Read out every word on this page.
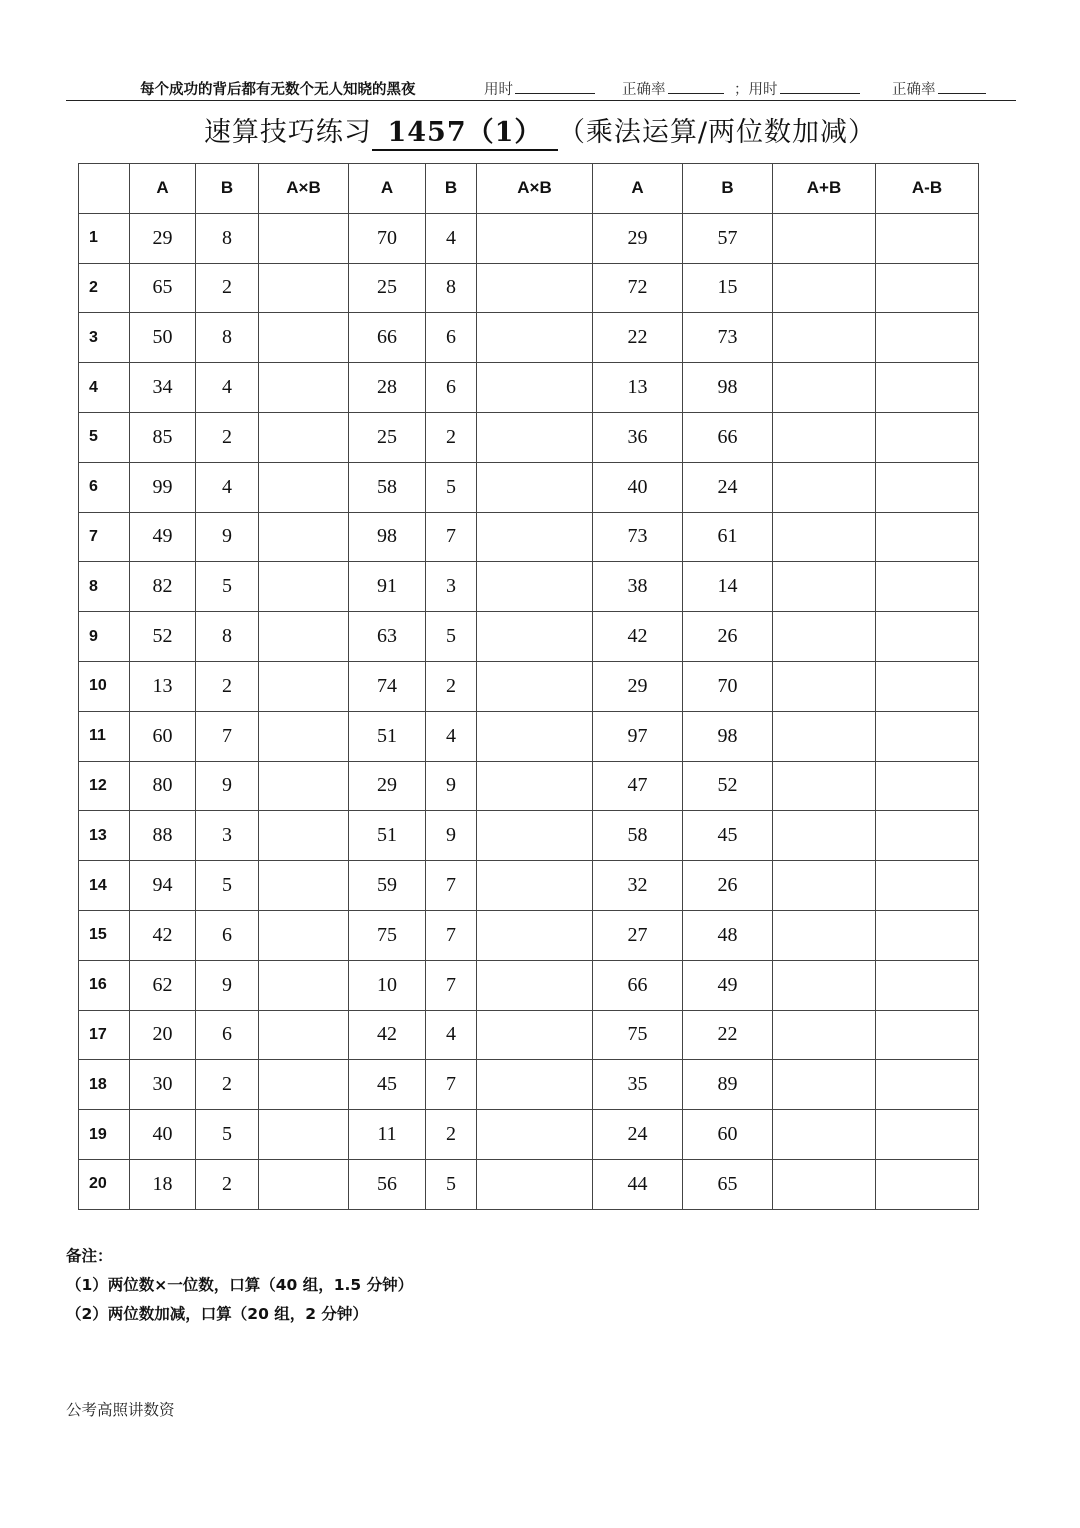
每个成功的背后都有无数个无人知晓的黑夜	用时	正确率	；用时	正确率
速算技巧练习 1457（1） （乘法运算/两位数加减）
	A	B	A×B	A	B	A×B	A	B	A+B	A-B
1	29	8		70	4		29	57		
2	65	2		25	8		72	15		
3	50	8		66	6		22	73		
4	34	4		28	6		13	98		
5	85	2		25	2		36	66		
6	99	4		58	5		40	24		
7	49	9		98	7		73	61		
8	82	5		91	3		38	14		
9	52	8		63	5		42	26		
10	13	2		74	2		29	70		
11	60	7		51	4		97	98		
12	80	9		29	9		47	52		
13	88	3		51	9		58	45		
14	94	5		59	7		32	26		
15	42	6		75	7		27	48		
16	62	9		10	7		66	49		
17	20	6		42	4		75	22		
18	30	2		45	7		35	89		
19	40	5		11	2		24	60		
20	18	2		56	5		44	65		
备注：
（1）两位数×一位数，口算（40 组，1.5 分钟）
（2）两位数加减，口算（20 组，2 分钟）
公考高照讲数资
